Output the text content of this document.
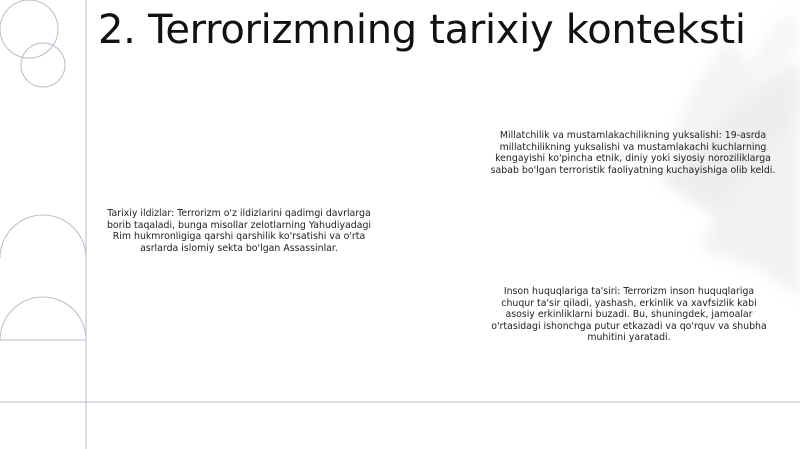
2. Terrorizmning tarixiy konteksti

Tarixiy ildizlar: Terrorizm o'z ildizlarini qadimgi davrlarga borib taqaladi, bunga misollar zelotlarning Yahudiyadagi Rim hukmronligiga qarshi qarshilik ko'rsatishi va o'rta asrlarda islomiy sekta bo'lgan Assassinlar.

Millatchilik va mustamlakachilikning yuksalishi: 19-asrda millatchilikning yuksalishi va mustamlakachi kuchlarning kengayishi ko'pincha etnik, diniy yoki siyosiy noroziliklarga sabab bo'lgan terroristik faoliyatning kuchayishiga olib keldi.

Inson huquqlariga ta'siri: Terrorizm inson huquqlariga chuqur ta'sir qiladi, yashash, erkinlik va xavfsizlik kabi asosiy erkinliklarni buzadi. Bu, shuningdek, jamoalar o'rtasidagi ishonchga putur etkazadi va qo'rquv va shubha muhitini yaratadi.
